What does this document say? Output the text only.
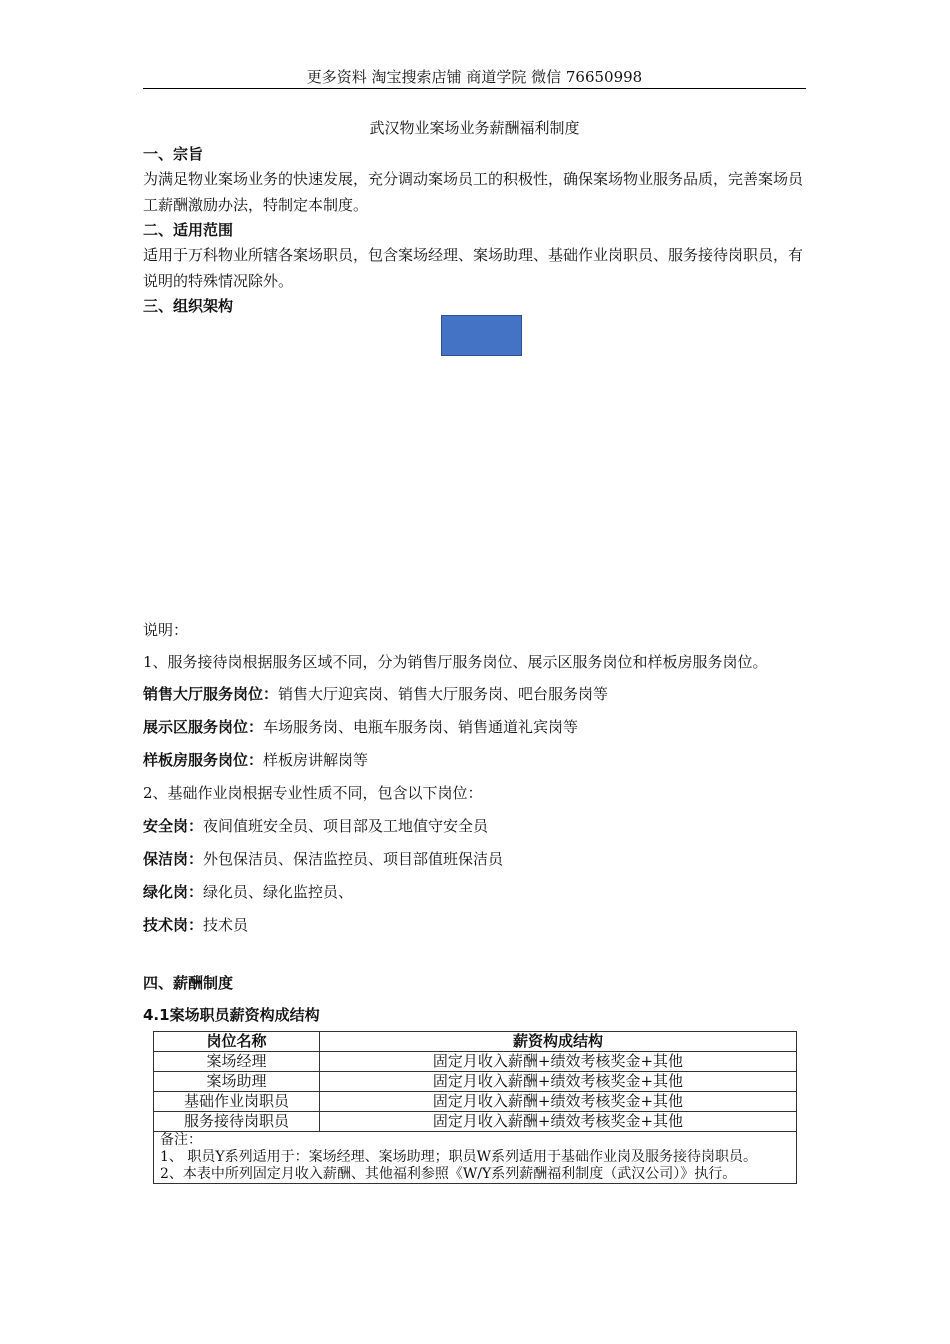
更多资料 淘宝搜索店铺 商道学院 微信 76650998
武汉物业案场业务薪酬福利制度
一、宗旨
为满足物业案场业务的快速发展，充分调动案场员工的积极性，确保案场物业服务品质，完善案场员工薪酬激励办法，特制定本制度。
二、适用范围
适用于万科物业所辖各案场职员，包含案场经理、案场助理、基础作业岗职员、服务接待岗职员，有说明的特殊情况除外。
三、组织架构
说明：
1、服务接待岗根据服务区域不同，分为销售厅服务岗位、展示区服务岗位和样板房服务岗位。
销售大厅服务岗位：销售大厅迎宾岗、销售大厅服务岗、吧台服务岗等
展示区服务岗位：车场服务岗、电瓶车服务岗、销售通道礼宾岗等
样板房服务岗位：样板房讲解岗等
2、基础作业岗根据专业性质不同，包含以下岗位：
安全岗：夜间值班安全员、项目部及工地值守安全员
保洁岗：外包保洁员、保洁监控员、项目部值班保洁员
绿化岗：绿化员、绿化监控员、
技术岗：技术员
四、薪酬制度
4.1案场职员薪资构成结构
岗位名称	薪资构成结构
案场经理	固定月收入薪酬+绩效考核奖金+其他
案场助理	固定月收入薪酬+绩效考核奖金+其他
基础作业岗职员	固定月收入薪酬+绩效考核奖金+其他
服务接待岗职员	固定月收入薪酬+绩效考核奖金+其他

备注：
1、 职员Y系列适用于：案场经理、案场助理；职员W系列适用于基础作业岗及服务接待岗职员。
2、本表中所列固定月收入薪酬、其他福利参照《W/Y系列薪酬福利制度（武汉公司）》执行。	
